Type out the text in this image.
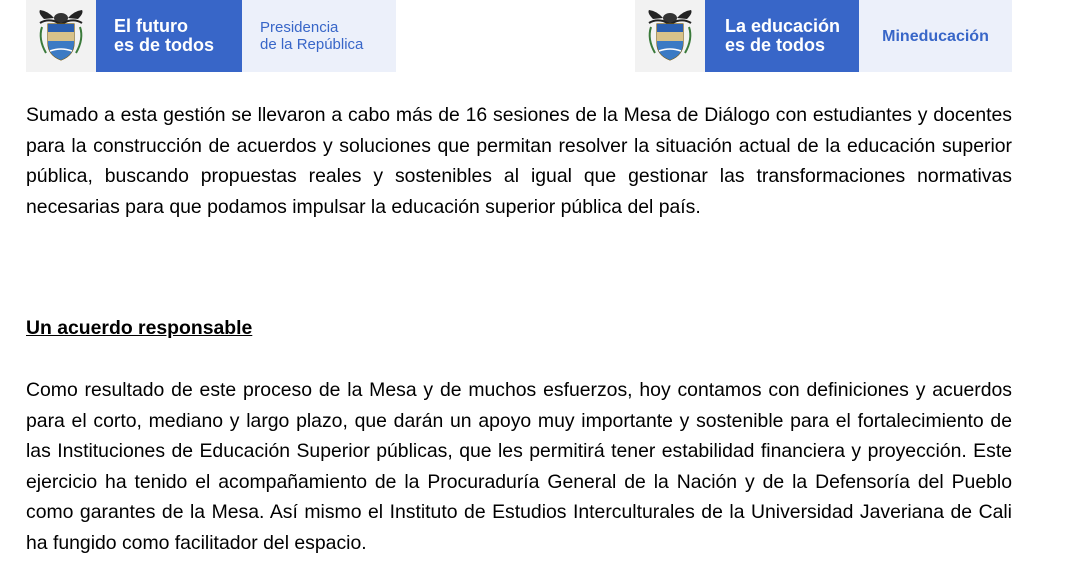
El futuro
es de todos
Presidencia
de la República
La educación
es de todos	Mineducación

Sumado a esta gestión se llevaron a cabo más de 16 sesiones de la Mesa de Diálogo con estudiantes y docentes para la construcción de acuerdos y soluciones que permitan resolver la situación actual de la educación superior pública, buscando propuestas reales y sostenibles al igual que gestionar las transformaciones normativas necesarias para que podamos impulsar la educación superior pública del país.

Un acuerdo responsable

Como resultado de este proceso de la Mesa y de muchos esfuerzos, hoy contamos con definiciones y acuerdos para el corto, mediano y largo plazo, que darán un apoyo muy importante y sostenible para el fortalecimiento de las Instituciones de Educación Superior públicas, que les permitirá tener estabilidad financiera y proyección. Este ejercicio ha tenido el acompañamiento de la Procuraduría General de la Nación y de la Defensoría del Pueblo como garantes de la Mesa. Así mismo el Instituto de Estudios Interculturales de la Universidad Javeriana de Cali ha fungido como facilitador del espacio.
